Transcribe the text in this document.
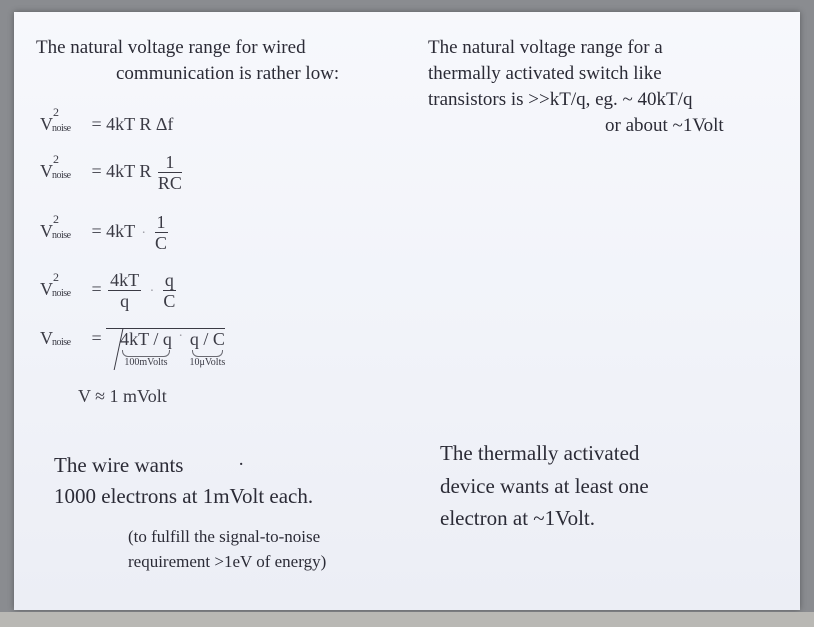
The natural voltage range for wired
communication is rather low:
The natural voltage range for a
thermally activated switch like
transistors is >>kT/q, eg. ~ 40kT/q
or about ~1Volt
V
2
noise = 4kT R Δf
V
2
noise = 4kT R $\frac{1}{RC}$
V
2
noise = $4kT \cdot \frac{1}{C}$
V
2
noise = $\frac{4kT}{q} \cdot \frac{q}{C}$
V noise = 4kT / q
100mVolts
· q / C
10μVolts
V ≈ 1 mVolt
The wire wants	·
1000 electrons at 1mVolt each.
(to fulfill the signal-to-noise
requirement >1eV of energy)
The thermally activated
device wants at least one
electron at ~1Volt.
